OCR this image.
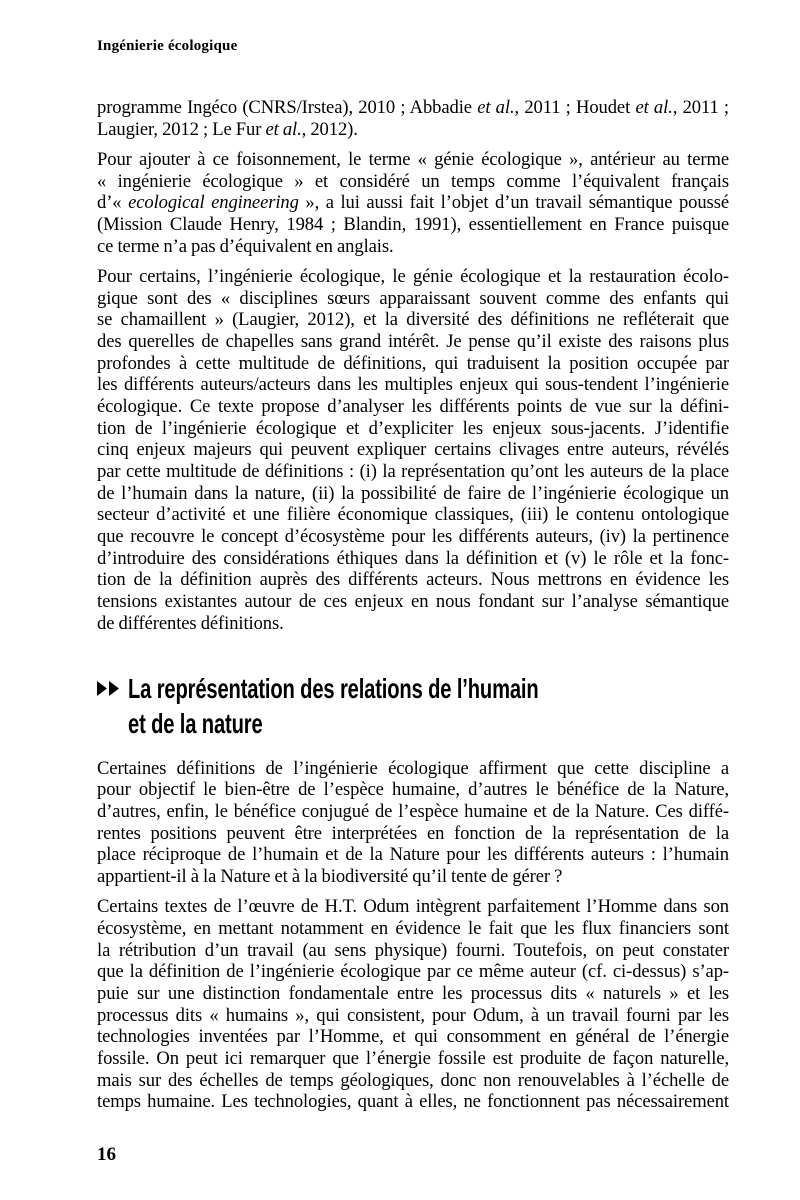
Ingénierie écologique
programme Ingéco (CNRS/Irstea), 2010 ; Abbadie et al., 2011 ; Houdet et al., 2011 ;
Laugier, 2012 ; Le Fur et al., 2012).
Pour ajouter à ce foisonnement, le terme « génie écologique », antérieur au terme
« ingénierie écologique » et considéré un temps comme l’équivalent français
d’« ecological engineering », a lui aussi fait l’objet d’un travail sémantique poussé
(Mission Claude Henry, 1984 ; Blandin, 1991), essentiellement en France puisque
ce terme n’a pas d’équivalent en anglais.
Pour certains, l’ingénierie écologique, le génie écologique et la restauration écolo-
gique sont des « disciplines sœurs apparaissant souvent comme des enfants qui
se chamaillent » (Laugier, 2012), et la diversité des définitions ne refléterait que
des querelles de chapelles sans grand intérêt. Je pense qu’il existe des raisons plus
profondes à cette multitude de définitions, qui traduisent la position occupée par
les différents auteurs/acteurs dans les multiples enjeux qui sous-tendent l’ingénierie
écologique. Ce texte propose d’analyser les différents points de vue sur la défini-
tion de l’ingénierie écologique et d’expliciter les enjeux sous-jacents. J’identifie
cinq enjeux majeurs qui peuvent expliquer certains clivages entre auteurs, révélés
par cette multitude de définitions : (i) la représentation qu’ont les auteurs de la place
de l’humain dans la nature, (ii) la possibilité de faire de l’ingénierie écologique un
secteur d’activité et une filière économique classiques, (iii) le contenu ontologique
que recouvre le concept d’écosystème pour les différents auteurs, (iv) la pertinence
d’introduire des considérations éthiques dans la définition et (v) le rôle et la fonc-
tion de la définition auprès des différents acteurs. Nous mettrons en évidence les
tensions existantes autour de ces enjeux en nous fondant sur l’analyse sémantique
de différentes définitions.
La représentation des relations de l’humain
et de la nature
Certaines définitions de l’ingénierie écologique affirment que cette discipline a
pour objectif le bien-être de l’espèce humaine, d’autres le bénéfice de la Nature,
d’autres, enfin, le bénéfice conjugué de l’espèce humaine et de la Nature. Ces diffé-
rentes positions peuvent être interprétées en fonction de la représentation de la
place réciproque de l’humain et de la Nature pour les différents auteurs : l’humain
appartient-il à la Nature et à la biodiversité qu’il tente de gérer ?
Certains textes de l’œuvre de H.T. Odum intègrent parfaitement l’Homme dans son
écosystème, en mettant notamment en évidence le fait que les flux financiers sont
la rétribution d’un travail (au sens physique) fourni. Toutefois, on peut constater
que la définition de l’ingénierie écologique par ce même auteur (cf. ci-dessus) s’ap-
puie sur une distinction fondamentale entre les processus dits « naturels » et les
processus dits « humains », qui consistent, pour Odum, à un travail fourni par les
technologies inventées par l’Homme, et qui consomment en général de l’énergie
fossile. On peut ici remarquer que l’énergie fossile est produite de façon naturelle,
mais sur des échelles de temps géologiques, donc non renouvelables à l’échelle de
temps humaine. Les technologies, quant à elles, ne fonctionnent pas nécessairement
16
